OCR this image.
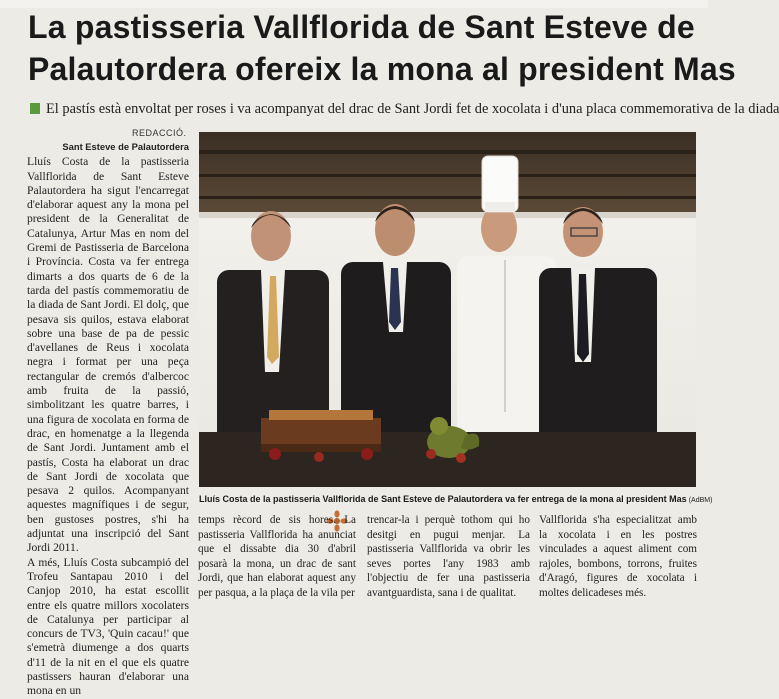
La pastisseria Vallflorida de Sant Esteve de
Palautordera ofereix la mona al president Mas
El pastís està envoltat per roses i va acompanyat del drac de Sant Jordi fet de xocolata i d'una placa commemorativa de la diada
REDACCIÓ.
Sant Esteve de Palautordera

Lluís Costa de la pastisseria Vallflorida de Sant Esteve Palautordera ha sigut l'encarregat d'elaborar aquest any la mona pel president de la Generalitat de Catalunya, Artur Mas en nom del Gremi de Pastisseria de Barcelona i Província. Costa va fer entrega dimarts a dos quarts de 6 de la tarda del pastís commemoratiu de la diada de Sant Jordi. El dolç, que pesava sis quilos, estava elaborat sobre una base de pa de pessic d'avellanes de Reus i xocolata negra i format per una peça rectangular de cremós d'albercoc amb fruita de la passió, simbolitzant les quatre barres, i una figura de xocolata en forma de drac, en homenatge a la llegenda de Sant Jordi. Juntament amb el pastís, Costa ha elaborat un drac de Sant Jordi de xocolata que pesava 2 quilos. Acompanyant aquestes magnífiques i de segur, ben gustoses postres, s'hi ha adjuntat una inscripció del Sant Jordi 2011.

A més, Lluís Costa subcampió del Trofeu Santapau 2010 i del Canjop 2010, ha estat escollit entre els quatre millors xocolaters de Catalunya per participar al concurs de TV3, 'Quin cacau!' que s'emetrà diumenge a dos quarts d'11 de la nit en el que els quatre pastissers hauran d'elaborar una mona en un

Lluís Costa de la pastisseria Vallflorida de Sant Esteve de Palautordera va fer entrega de la mona al president Mas (AdBM)
temps rècord de sis hores. La pastisseria Vallflorida ha anunciat que el dissabte dia 30 d'abril posarà la mona, un drac de sant Jordi, que han elaborat aquest any per pasqua, a la plaça de la vila per
trencar-la i perquè tothom qui ho desitgi en pugui menjar. La pastisseria Vallflorida va obrir les seves portes l'any 1983 amb l'objectiu de fer una pastisseria avantguardista, sana i de qualitat.
Vallflorida s'ha especialitzat amb la xocolata i en les postres vinculades a aquest aliment com rajoles, bombons, torrons, fruites d'Aragó, figures de xocolata i moltes delicadeses més.
